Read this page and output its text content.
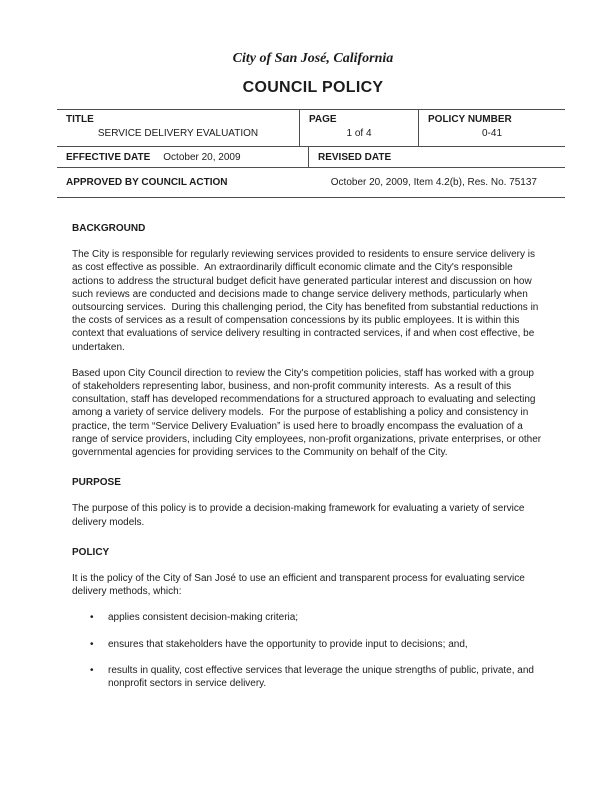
City of San José, California
COUNCIL POLICY
TITLE
SERVICE DELIVERY EVALUATION
PAGE
1 of 4
POLICY NUMBER
0-41
EFFECTIVE DATE October 20, 2009	REVISED DATE
APPROVED BY COUNCIL ACTION	October 20, 2009, Item 4.2(b), Res. No. 75137
BACKGROUND

The City is responsible for regularly reviewing services provided to residents to ensure service delivery is as cost effective as possible.  An extraordinarily difficult economic climate and the City's responsible actions to address the structural budget deficit have generated particular interest and discussion on how such reviews are conducted and decisions made to change service delivery methods, particularly when outsourcing services.  During this challenging period, the City has benefited from substantial reductions in the costs of services as a result of compensation concessions by its public employees. It is within this context that evaluations of service delivery resulting in contracted services, if and when cost effective, be undertaken.

Based upon City Council direction to review the City's competition policies, staff has worked with a group of stakeholders representing labor, business, and non-profit community interests.  As a result of this consultation, staff has developed recommendations for a structured approach to evaluating and selecting among a variety of service delivery models.  For the purpose of establishing a policy and consistency in practice, the term “Service Delivery Evaluation” is used here to broadly encompass the evaluation of a range of service providers, including City employees, non-profit organizations, private enterprises, or other governmental agencies for providing services to the Community on behalf of the City.

PURPOSE

The purpose of this policy is to provide a decision-making framework for evaluating a variety of service delivery models.

POLICY

It is the policy of the City of San José to use an efficient and transparent process for evaluating service delivery methods, which:

• applies consistent decision-making criteria;
• ensures that stakeholders have the opportunity to provide input to decisions; and,
• results in quality, cost effective services that leverage the unique strengths of public, private, and nonprofit sectors in service delivery.
